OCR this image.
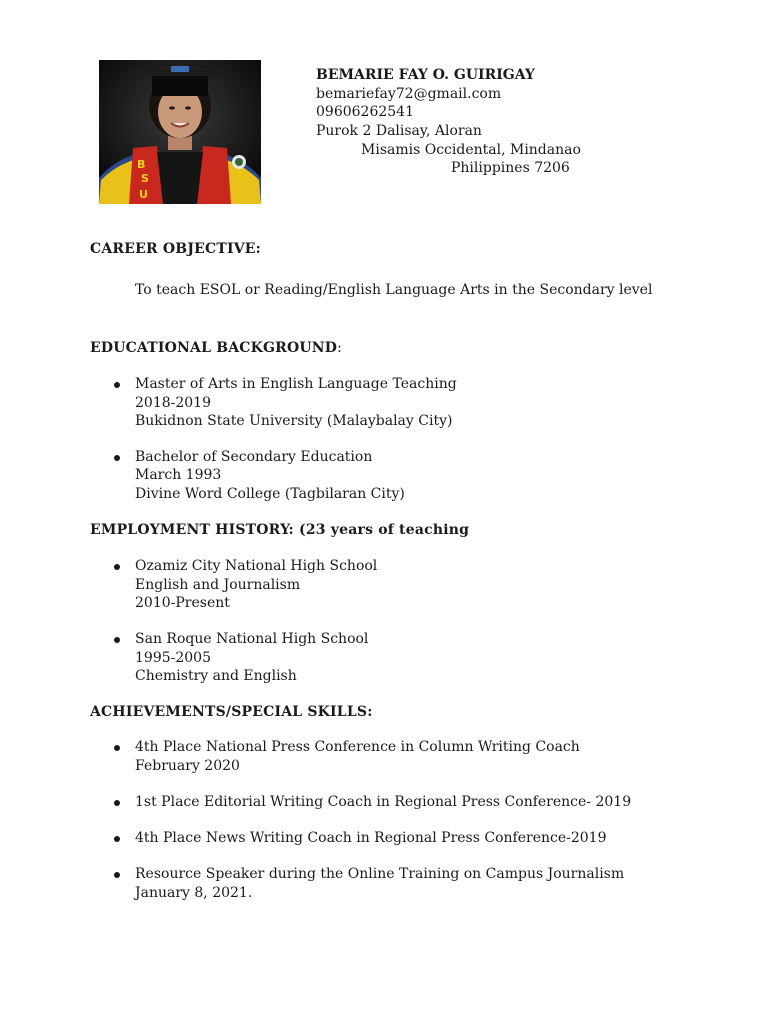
B
S
U
BEMARIE FAY O. GUIRIGAY
bemariefay72@gmail.com
09606262541
Purok 2 Dalisay, Aloran
Misamis Occidental, Mindanao
Philippines 7206
CAREER OBJECTIVE:
To teach ESOL or Reading/English Language Arts in the Secondary level
EDUCATIONAL BACKGROUND:
Master of Arts in English Language Teaching
2018-2019
Bukidnon State University (Malaybalay City)
Bachelor of Secondary Education
March 1993
Divine Word College (Tagbilaran City)
EMPLOYMENT HISTORY: (23 years of teaching
Ozamiz City National High School
English and Journalism
2010-Present
San Roque National High School
1995-2005
Chemistry and English
ACHIEVEMENTS/SPECIAL SKILLS:
4th Place National Press Conference in Column Writing Coach
February 2020
1st Place Editorial Writing Coach in Regional Press Conference- 2019
4th Place News Writing Coach in Regional Press Conference-2019
Resource Speaker during the Online Training on Campus Journalism
January 8, 2021.
